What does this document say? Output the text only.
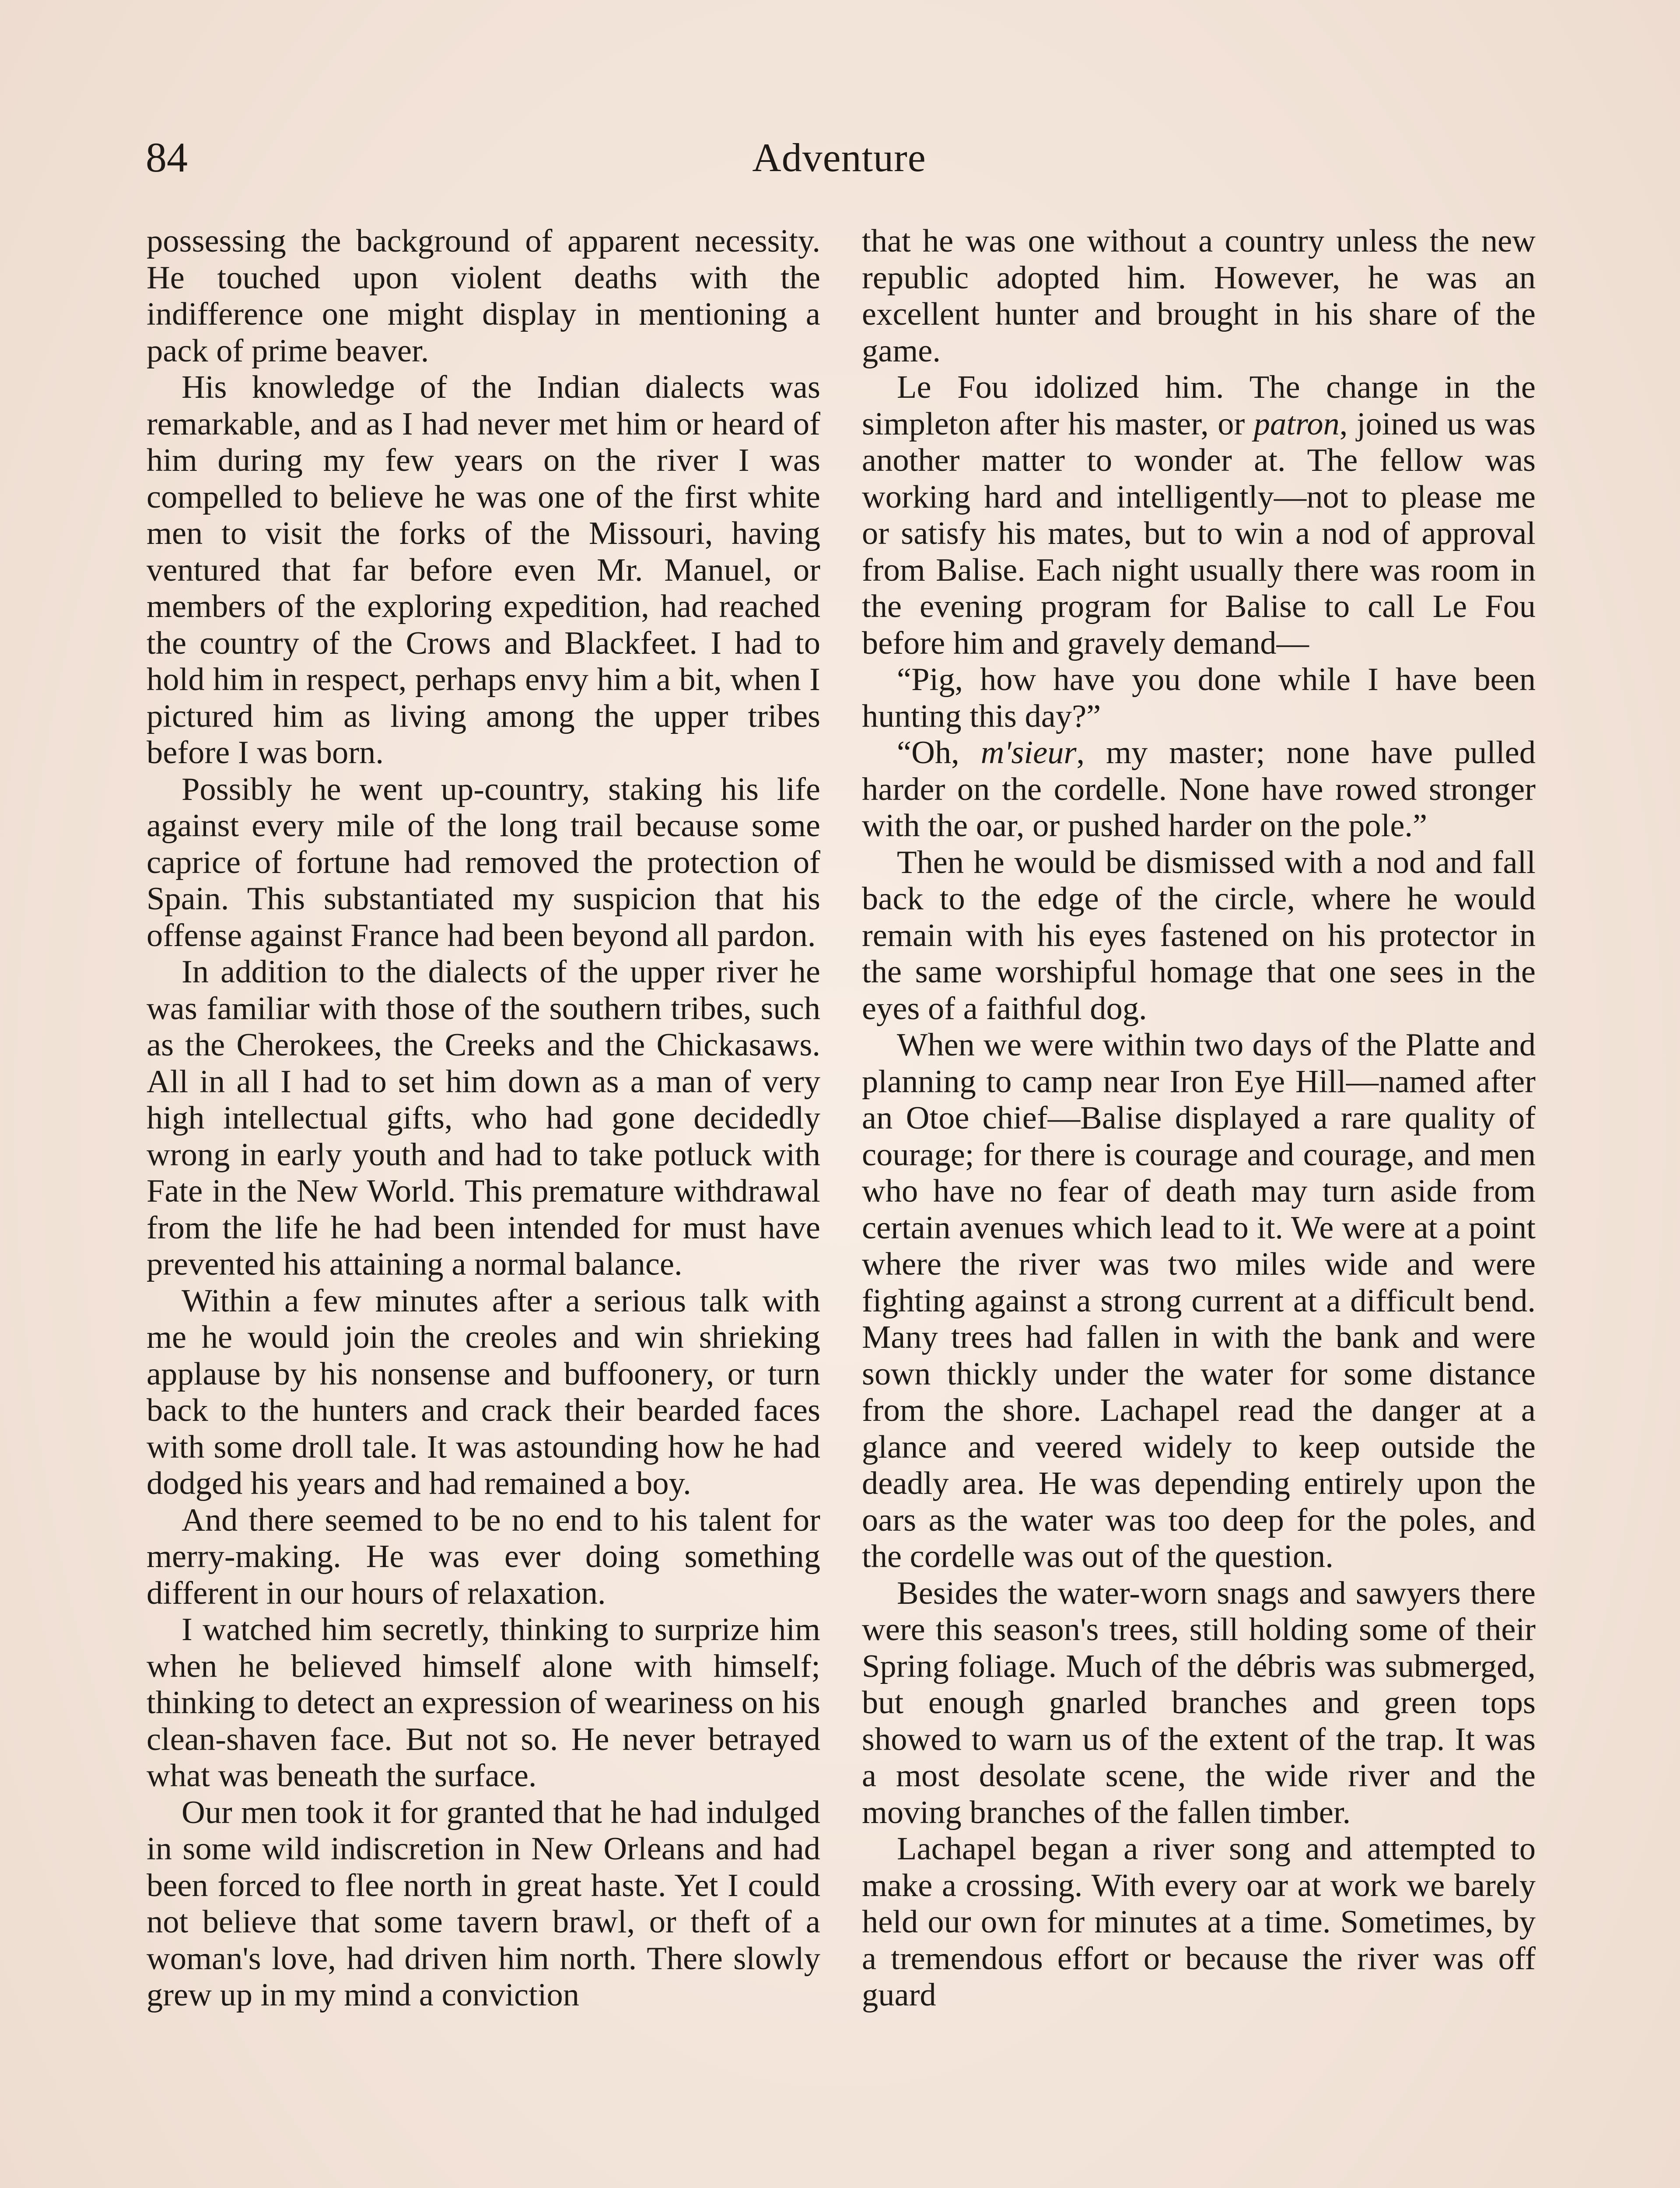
84	Adventure

possessing the background of apparent necessity. He touched upon violent deaths with the indifference one might display in mentioning a pack of prime beaver.

His knowledge of the Indian dialects was remarkable, and as I had never met him or heard of him during my few years on the river I was compelled to believe he was one of the first white men to visit the forks of the Missouri, having ventured that far before even Mr. Manuel, or members of the exploring expedition, had reached the country of the Crows and Blackfeet. I had to hold him in respect, perhaps envy him a bit, when I pictured him as living among the upper tribes before I was born.

Possibly he went up-country, staking his life against every mile of the long trail because some caprice of fortune had removed the protection of Spain. This substantiated my suspicion that his offense against France had been beyond all pardon.

In addition to the dialects of the upper river he was familiar with those of the southern tribes, such as the Cherokees, the Creeks and the Chickasaws. All in all I had to set him down as a man of very high intellectual gifts, who had gone decidedly wrong in early youth and had to take potluck with Fate in the New World. This premature withdrawal from the life he had been intended for must have prevented his attaining a normal balance.

Within a few minutes after a serious talk with me he would join the creoles and win shrieking applause by his nonsense and buffoonery, or turn back to the hunters and crack their bearded faces with some droll tale. It was astounding how he had dodged his years and had remained a boy.

And there seemed to be no end to his talent for merry-making. He was ever doing something different in our hours of relaxation.

I watched him secretly, thinking to surprize him when he believed himself alone with himself; thinking to detect an expression of weariness on his clean-shaven face. But not so. He never betrayed what was beneath the surface.

Our men took it for granted that he had indulged in some wild indiscretion in New Orleans and had been forced to flee north in great haste. Yet I could not believe that some tavern brawl, or theft of a woman's love, had driven him north. There slowly grew up in my mind a conviction

that he was one without a country unless the new republic adopted him. However, he was an excellent hunter and brought in his share of the game.

Le Fou idolized him. The change in the simpleton after his master, or patron, joined us was another matter to wonder at. The fellow was working hard and intelligently—not to please me or satisfy his mates, but to win a nod of approval from Balise. Each night usually there was room in the evening program for Balise to call Le Fou before him and gravely demand—

“Pig, how have you done while I have been hunting this day?”

“Oh, m'sieur, my master; none have pulled harder on the cordelle. None have rowed stronger with the oar, or pushed harder on the pole.”

Then he would be dismissed with a nod and fall back to the edge of the circle, where he would remain with his eyes fastened on his protector in the same worshipful homage that one sees in the eyes of a faithful dog.

When we were within two days of the Platte and planning to camp near Iron Eye Hill—named after an Otoe chief—Balise displayed a rare quality of courage; for there is courage and courage, and men who have no fear of death may turn aside from certain avenues which lead to it. We were at a point where the river was two miles wide and were fighting against a strong current at a difficult bend. Many trees had fallen in with the bank and were sown thickly under the water for some distance from the shore. Lachapel read the danger at a glance and veered widely to keep outside the deadly area. He was depending entirely upon the oars as the water was too deep for the poles, and the cordelle was out of the question.

Besides the water-worn snags and sawyers there were this season's trees, still holding some of their Spring foliage. Much of the débris was submerged, but enough gnarled branches and green tops showed to warn us of the extent of the trap. It was a most desolate scene, the wide river and the moving branches of the fallen timber.

Lachapel began a river song and attempted to make a crossing. With every oar at work we barely held our own for minutes at a time. Sometimes, by a tremendous effort or because the river was off guard
